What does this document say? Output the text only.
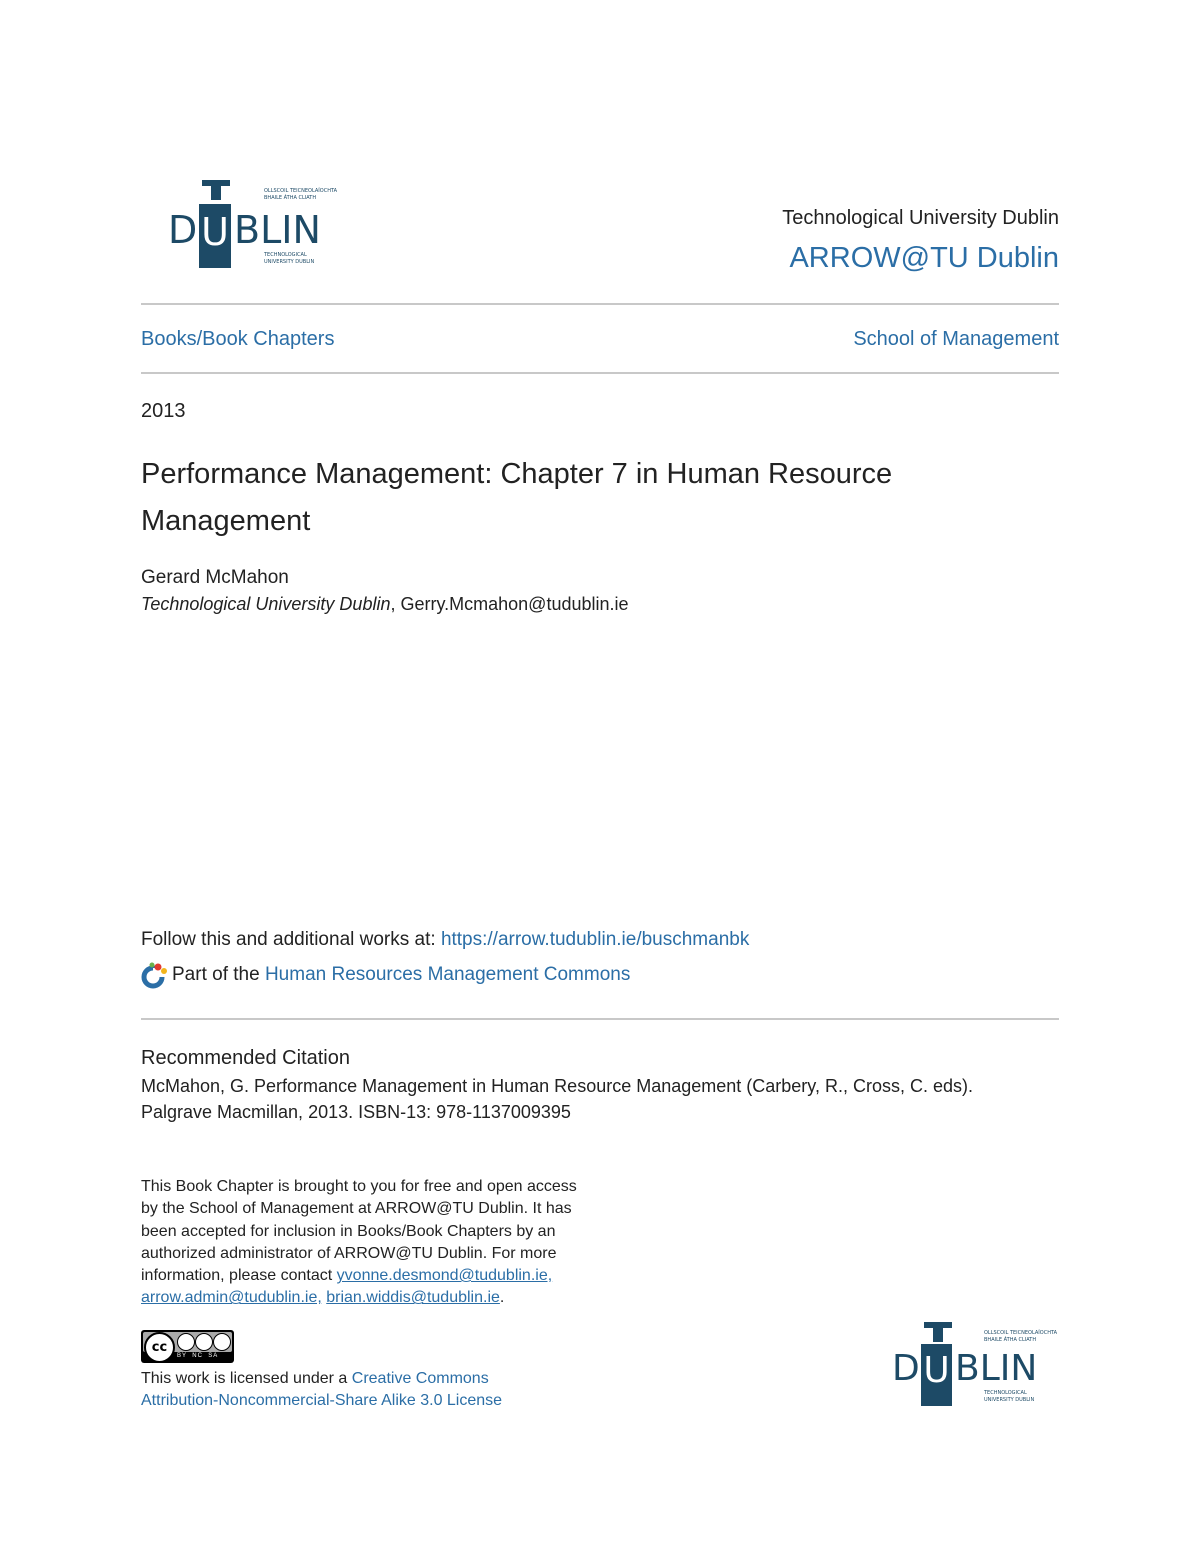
D U BLIN
OLLSCOIL TEICNEOLAÍOCHTA
BHAILE ÁTHA CLIATH
TECHNOLOGICAL
UNIVERSITY DUBLIN
Technological University Dublin
ARROW@TU Dublin
Books/Book Chapters	School of Management
2013
Performance Management: Chapter 7 in Human Resource Management
Gerard McMahon
Technological University Dublin, Gerry.Mcmahon@tudublin.ie
Follow this and additional works at: https://arrow.tudublin.ie/buschmanbk
Part of the Human Resources Management Commons
Recommended Citation
McMahon, G. Performance Management in Human Resource Management (Carbery, R., Cross, C. eds).
Palgrave Macmillan, 2013. ISBN-13: 978-1137009395
This Book Chapter is brought to you for free and open access by the School of Management at ARROW@TU Dublin. It has been accepted for inclusion in Books/Book Chapters by an authorized administrator of ARROW@TU Dublin. For more information, please contact yvonne.desmond@tudublin.ie, arrow.admin@tudublin.ie, brian.widdis@tudublin.ie.
cc
BY  NC  SA
This work is licensed under a Creative Commons
Attribution-Noncommercial-Share Alike 3.0 License
D U BLIN
OLLSCOIL TEICNEOLAÍOCHTA
BHAILE ÁTHA CLIATH
TECHNOLOGICAL
UNIVERSITY DUBLIN
